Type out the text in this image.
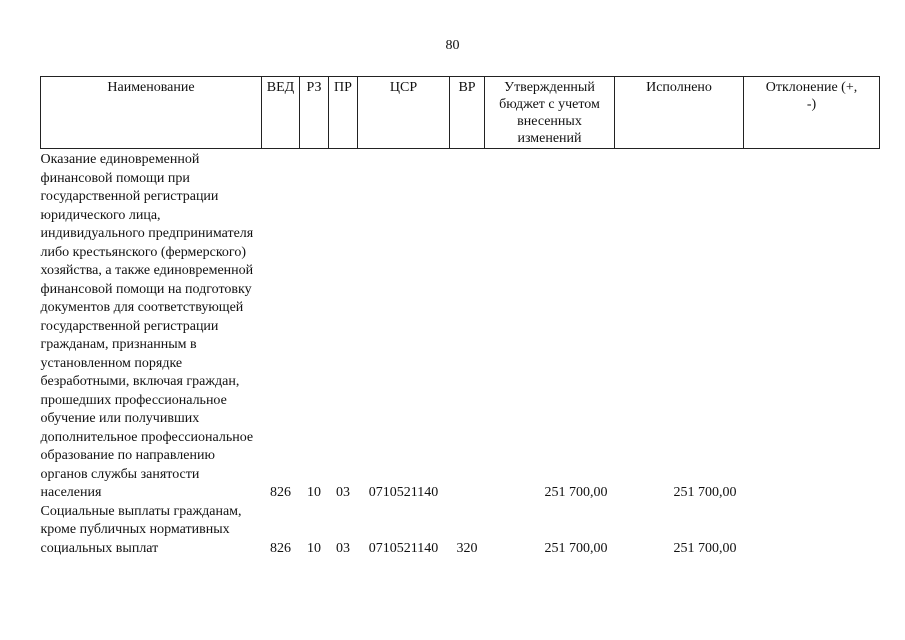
80
Наименование	ВЕД	РЗ	ПР	ЦСР	ВР	Утвержденный бюджет с учетом внесенных изменений	Исполнено	Отклонение (+, -)
Оказание единовременной финансовой помощи при государственной регистрации юридического лица, индивидуального предпринимателя либо крестьянского (фермерского) хозяйства, а также единовременной финансовой помощи на подготовку документов для соответствующей государственной регистрации гражданам, признанным в установленном порядке безработными, включая граждан, прошедших профессиональное обучение или получивших дополнительное профессиональное образование по направлению органов службы занятости населения	826	10	03	0710521140		251 700,00	251 700,00	
Социальные выплаты гражданам, кроме публичных нормативных социальных выплат	826	10	03	0710521140	320	251 700,00	251 700,00	
